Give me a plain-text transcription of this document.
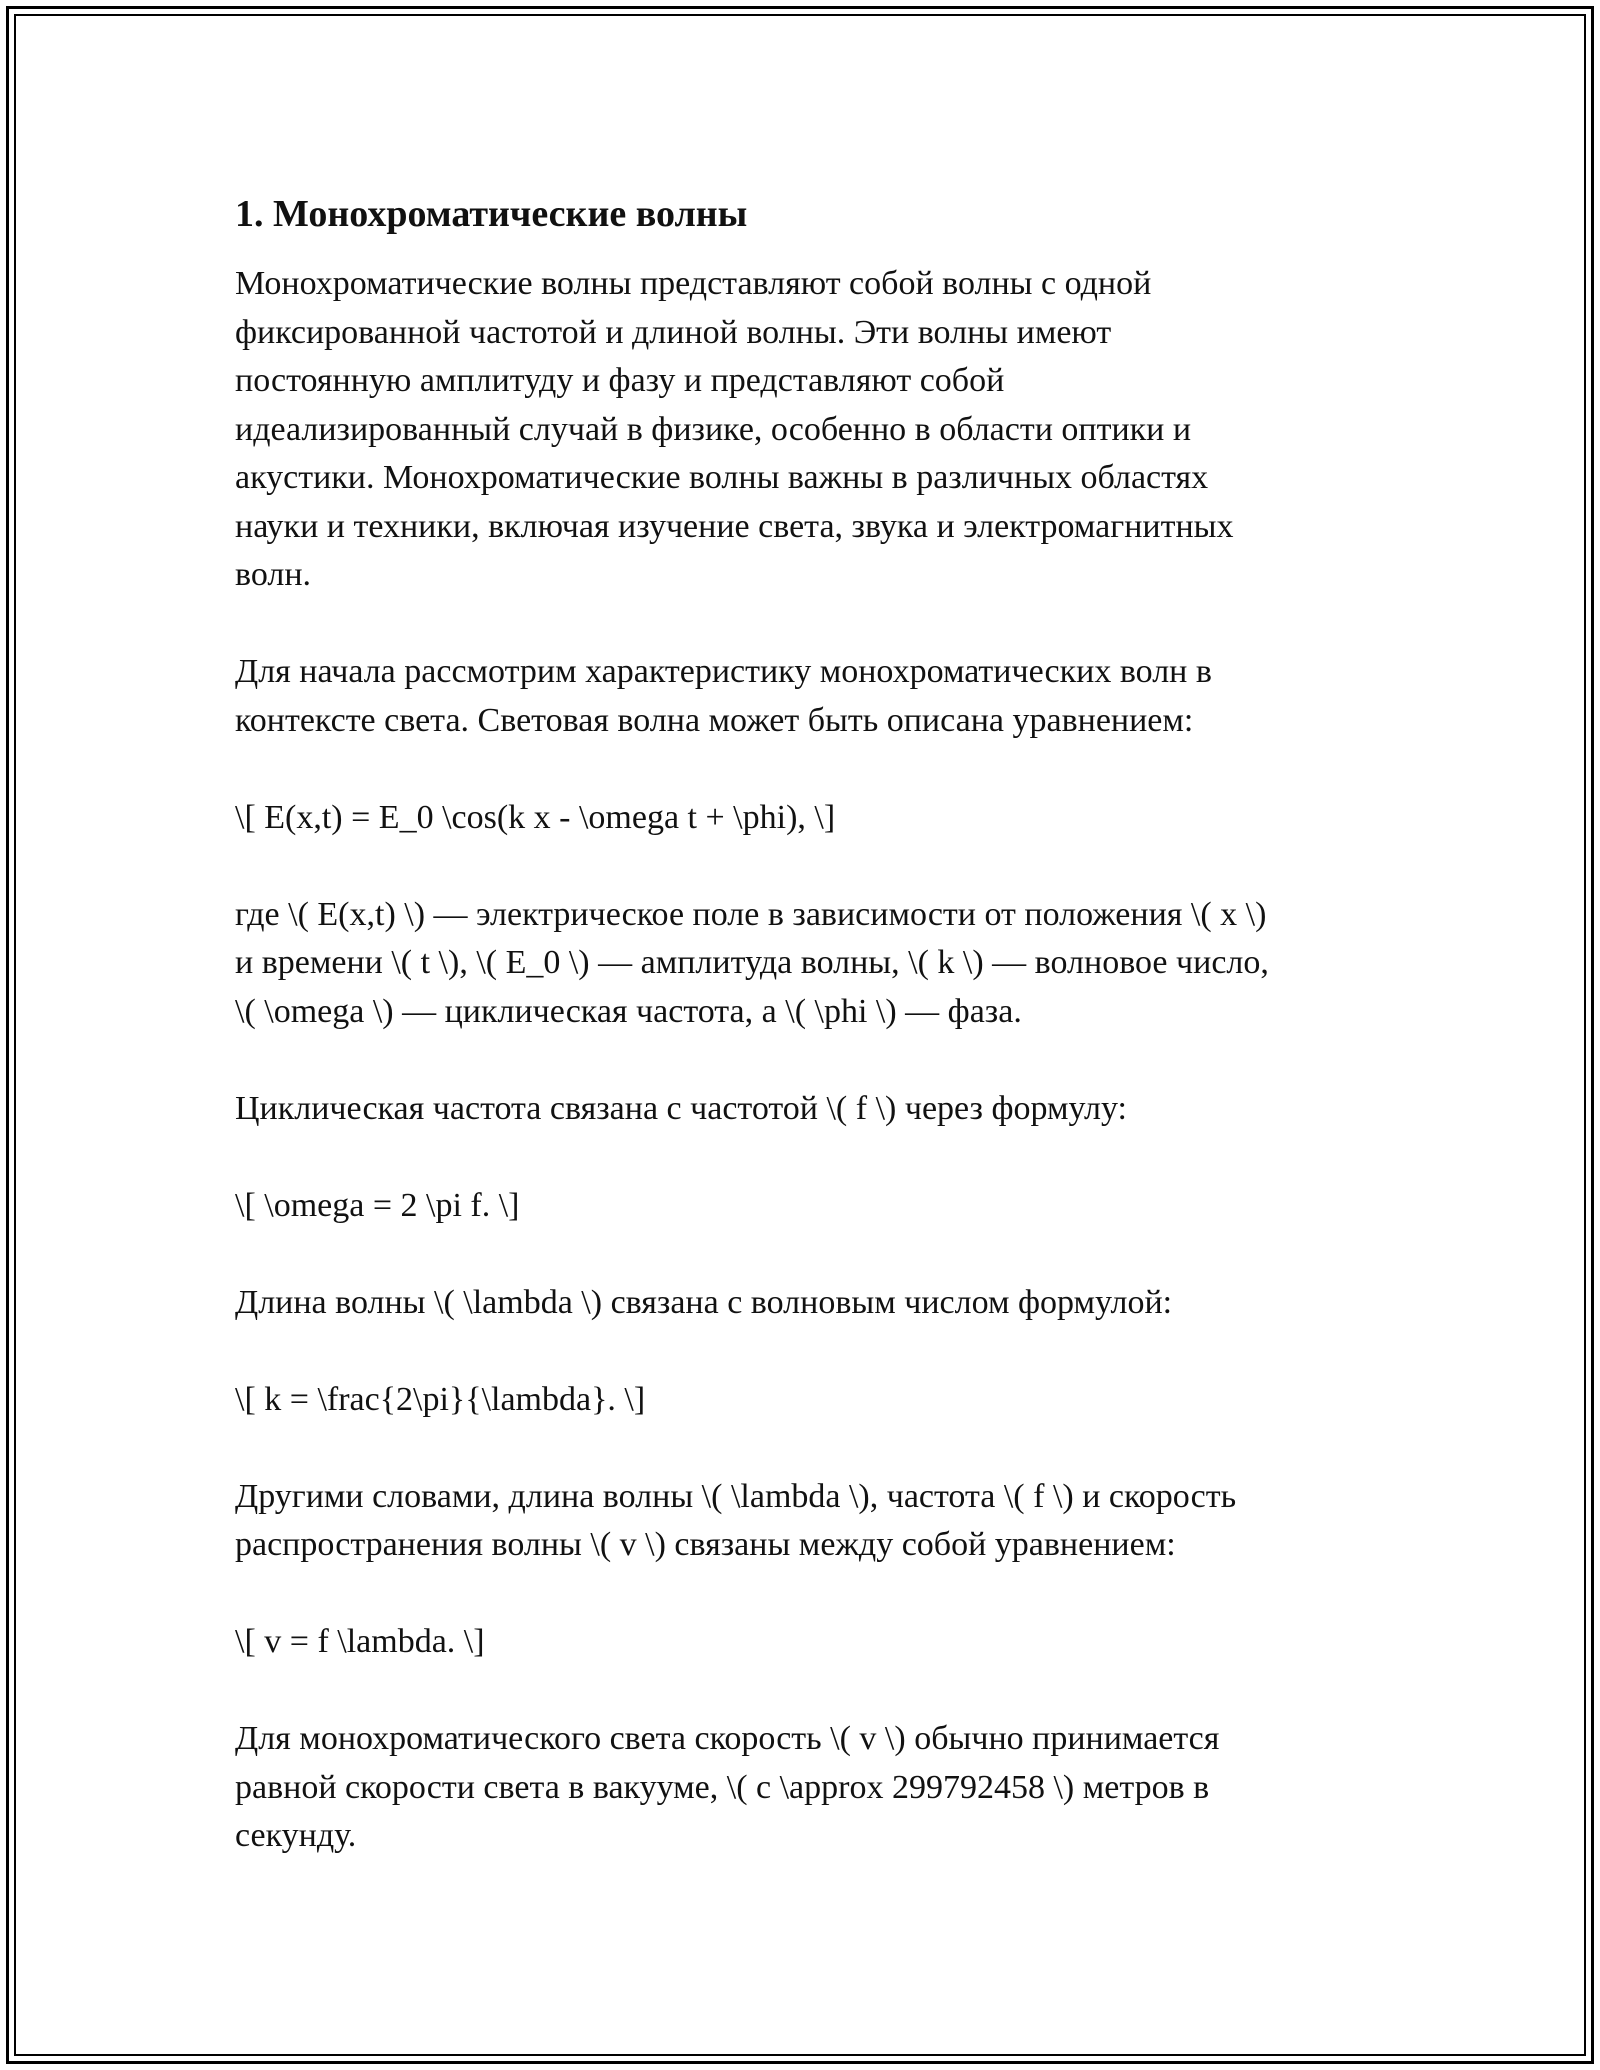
1. Монохроматические волны

Монохроматические волны представляют собой волны с одной
фиксированной частотой и длиной волны. Эти волны имеют
постоянную амплитуду и фазу и представляют собой
идеализированный случай в физике, особенно в области оптики и
акустики. Монохроматические волны важны в различных областях
науки и техники, включая изучение света, звука и электромагнитных
волн.

Для начала рассмотрим характеристику монохроматических волн в
контексте света. Световая волна может быть описана уравнением:

\[ E(x,t) = E_0 \cos(k x - \omega t + \phi), \]

где \( E(x,t) \) — электрическое поле в зависимости от положения \( x \)
и времени \( t \), \( E_0 \) — амплитуда волны, \( k \) — волновое число,
\( \omega \) — циклическая частота, а \( \phi \) — фаза.

Циклическая частота связана с частотой \( f \) через формулу:

\[ \omega = 2 \pi f. \]

Длина волны \( \lambda \) связана с волновым числом формулой:

\[ k = \frac{2\pi}{\lambda}. \]

Другими словами, длина волны \( \lambda \), частота \( f \) и скорость
распространения волны \( v \) связаны между собой уравнением:

\[ v = f \lambda. \]

Для монохроматического света скорость \( v \) обычно принимается
равной скорости света в вакууме, \( c \approx 299792458 \) метров в
секунду.
